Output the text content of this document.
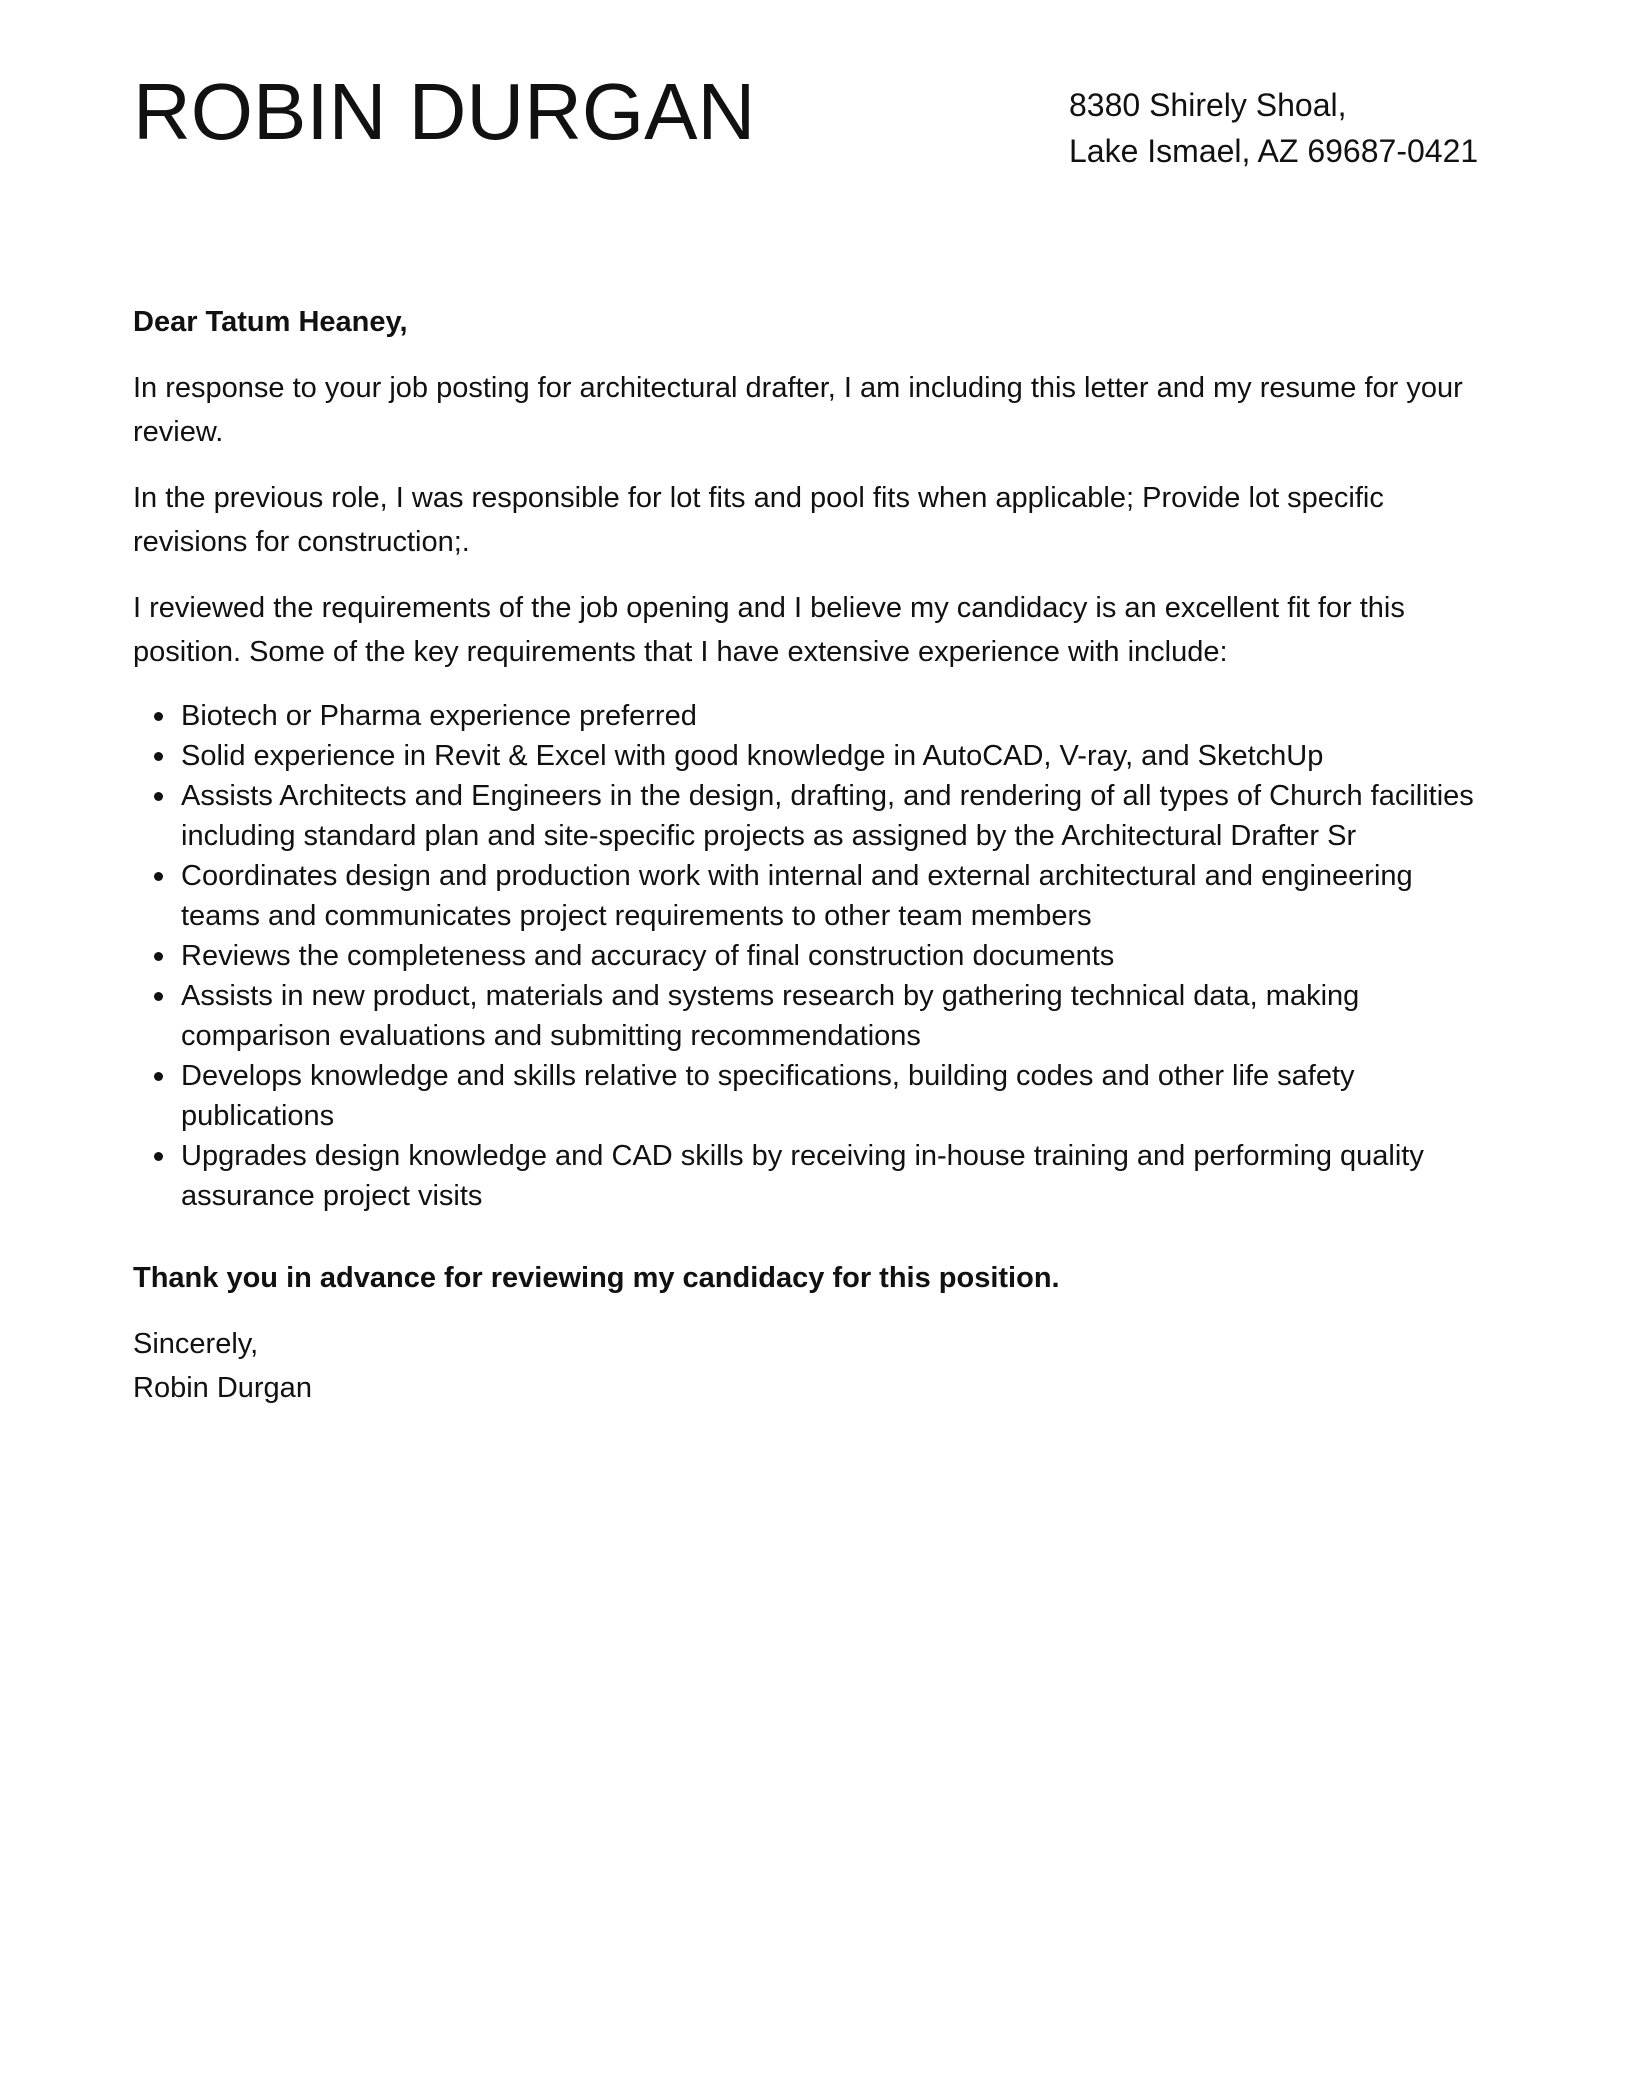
ROBIN DURGAN	8380 Shirely Shoal,
Lake Ismael, AZ 69687-0421

Dear Tatum Heaney,

In response to your job posting for architectural drafter, I am including this letter and my resume for your review.

In the previous role, I was responsible for lot fits and pool fits when applicable; Provide lot specific revisions for construction;.

I reviewed the requirements of the job opening and I believe my candidacy is an excellent fit for this position. Some of the key requirements that I have extensive experience with include:

Biotech or Pharma experience preferred
Solid experience in Revit & Excel with good knowledge in AutoCAD, V-ray, and SketchUp
Assists Architects and Engineers in the design, drafting, and rendering of all types of Church facilities including standard plan and site-specific projects as assigned by the Architectural Drafter Sr
Coordinates design and production work with internal and external architectural and engineering teams and communicates project requirements to other team members
Reviews the completeness and accuracy of final construction documents
Assists in new product, materials and systems research by gathering technical data, making comparison evaluations and submitting recommendations
Develops knowledge and skills relative to specifications, building codes and other life safety publications
Upgrades design knowledge and CAD skills by receiving in-house training and performing quality assurance project visits

Thank you in advance for reviewing my candidacy for this position.

Sincerely,
Robin Durgan
